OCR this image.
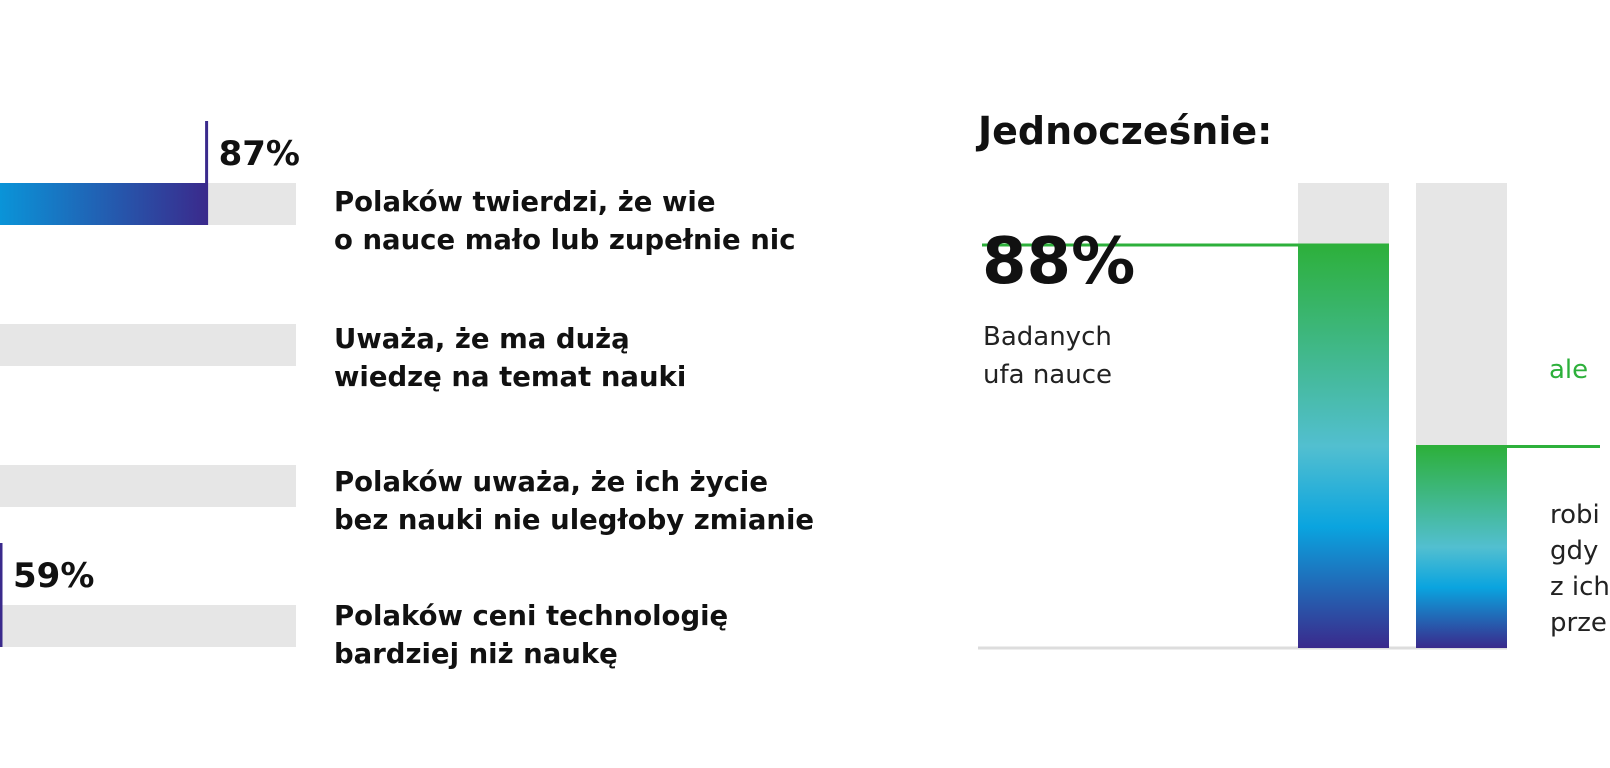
87%
59%
Polaków twierdzi, że wie
o nauce mało lub zupełnie nic
Uważa, że ma dużą
wiedzę na temat nauki
Polaków uważa, że ich życie
bez nauki nie uległoby zmianie
Polaków ceni technologię
bardziej niż naukę
Jednocześnie:
88%
Badanych
ufa nauce	ale
robi
gdy
z ich
prze
